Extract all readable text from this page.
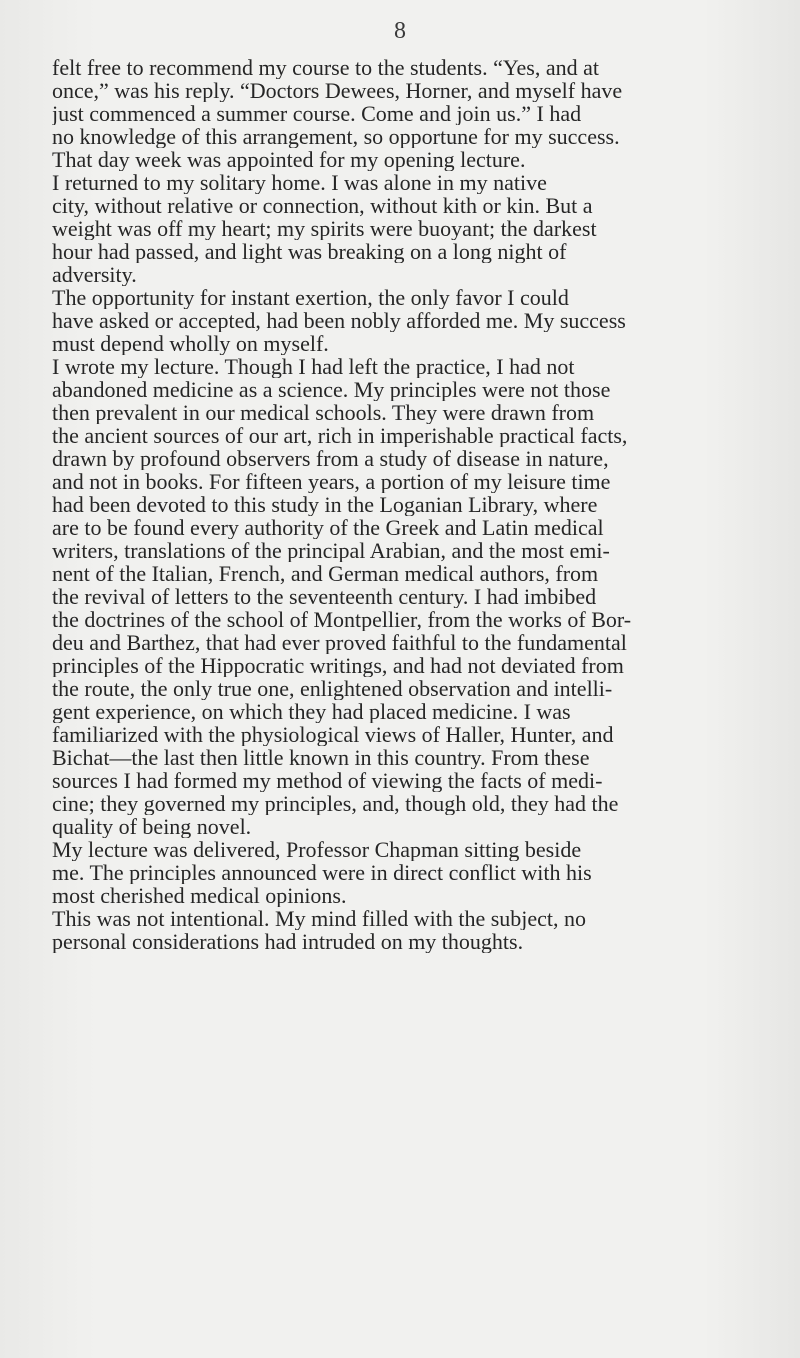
8
felt free to recommend my course to the students. “Yes, and at
once,” was his reply. “Doctors Dewees, Horner, and myself have
just commenced a summer course. Come and join us.” I had
no knowledge of this arrangement, so opportune for my success.
That day week was appointed for my opening lecture.
I returned to my solitary home. I was alone in my native
city, without relative or connection, without kith or kin. But a
weight was off my heart; my spirits were buoyant; the darkest
hour had passed, and light was breaking on a long night of
adversity.
The opportunity for instant exertion, the only favor I could
have asked or accepted, had been nobly afforded me. My success
must depend wholly on myself.
I wrote my lecture. Though I had left the practice, I had not
abandoned medicine as a science. My principles were not those
then prevalent in our medical schools. They were drawn from
the ancient sources of our art, rich in imperishable practical facts,
drawn by profound observers from a study of disease in nature,
and not in books. For fifteen years, a portion of my leisure time
had been devoted to this study in the Loganian Library, where
are to be found every authority of the Greek and Latin medical
writers, translations of the principal Arabian, and the most emi-
nent of the Italian, French, and German medical authors, from
the revival of letters to the seventeenth century. I had imbibed
the doctrines of the school of Montpellier, from the works of Bor-
deu and Barthez, that had ever proved faithful to the fundamental
principles of the Hippocratic writings, and had not deviated from
the route, the only true one, enlightened observation and intelli-
gent experience, on which they had placed medicine. I was
familiarized with the physiological views of Haller, Hunter, and
Bichat—the last then little known in this country. From these
sources I had formed my method of viewing the facts of medi-
cine; they governed my principles, and, though old, they had the
quality of being novel.
My lecture was delivered, Professor Chapman sitting beside
me. The principles announced were in direct conflict with his
most cherished medical opinions.
This was not intentional. My mind filled with the subject, no
personal considerations had intruded on my thoughts.
